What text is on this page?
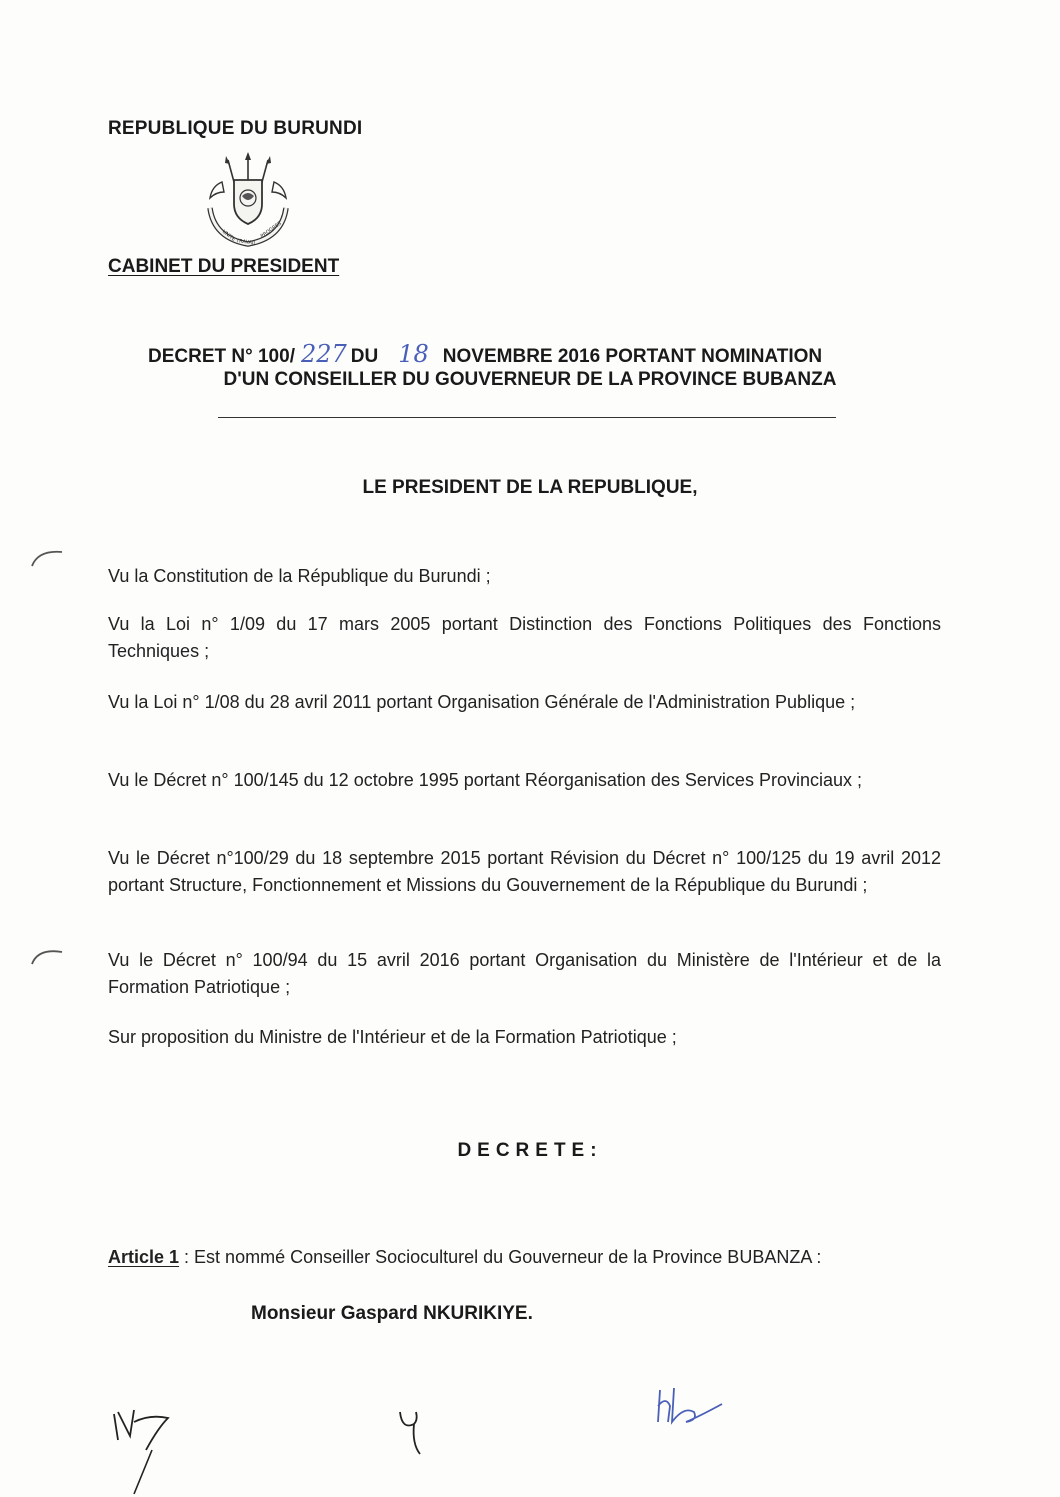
REPUBLIQUE DU BURUNDI
UNITE TRAVAIL
PROGRES
CABINET DU PRESIDENT
DECRET N° 100/ 227 DU 18 NOVEMBRE 2016 PORTANT NOMINATION
D'UN CONSEILLER DU GOUVERNEUR DE LA PROVINCE BUBANZA
LE PRESIDENT DE LA REPUBLIQUE,

Vu la Constitution de la République du Burundi ;

Vu la Loi n° 1/09 du 17 mars 2005 portant Distinction des Fonctions Politiques des Fonctions Techniques ;

Vu la Loi n° 1/08 du 28 avril 2011 portant Organisation Générale de l'Administration Publique ;

Vu le Décret n° 100/145 du 12 octobre 1995 portant Réorganisation des Services Provinciaux ;

Vu le Décret n°100/29 du 18 septembre 2015 portant Révision du Décret n° 100/125 du 19 avril 2012 portant Structure, Fonctionnement et Missions du Gouvernement de la République du Burundi ;

Vu le Décret n° 100/94 du 15 avril 2016 portant Organisation du Ministère de l'Intérieur et de la Formation Patriotique ;

Sur proposition du Ministre de l'Intérieur et de la Formation Patriotique ;

DECRETE:
Article 1 : Est nommé Conseiller Socioculturel du Gouverneur de la Province BUBANZA :
Monsieur Gaspard NKURIKIYE.
